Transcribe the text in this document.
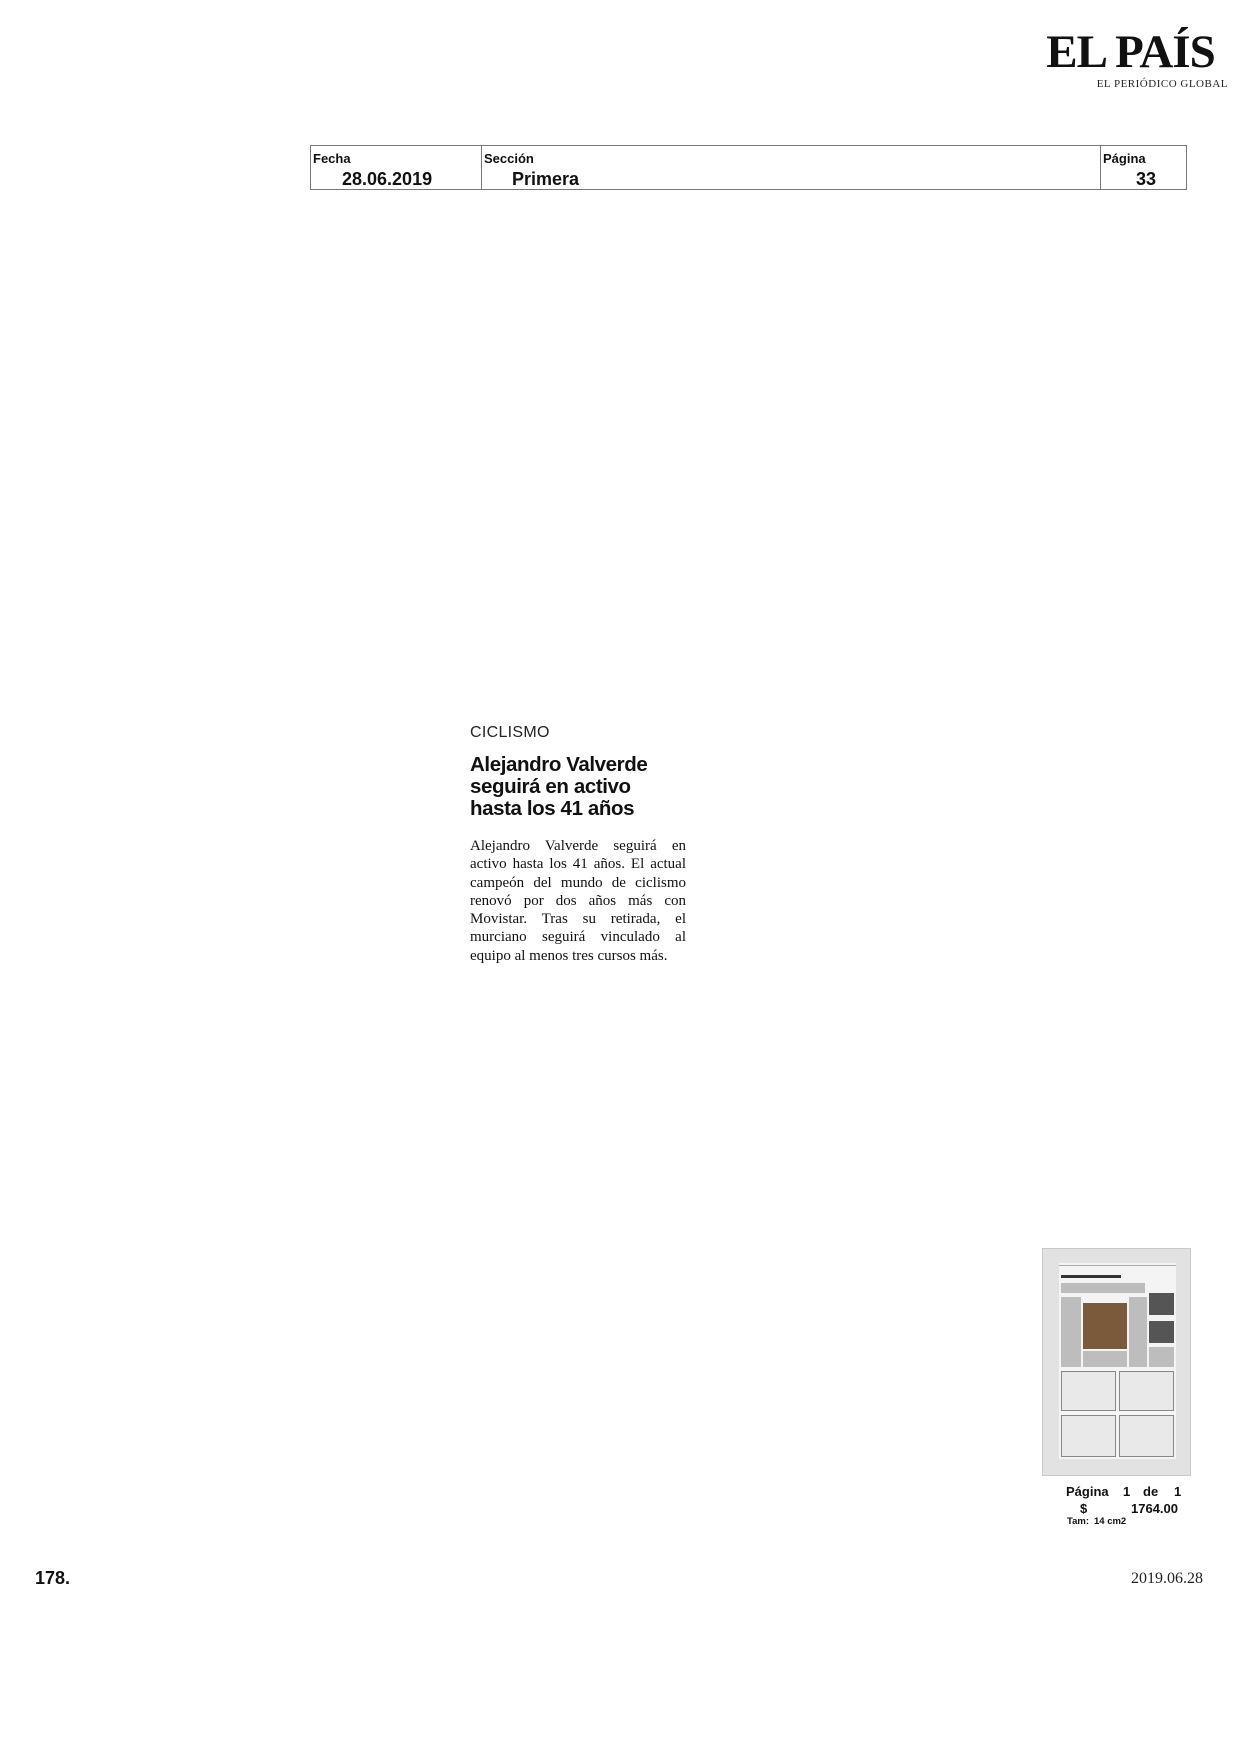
EL PAÍS
EL PERIÓDICO GLOBAL
Fecha
28.06.2019
Sección
Primera
Página
33
CICLISMO
Alejandro Valverde seguirá en activo hasta los 41 años
Alejandro Valverde seguirá en activo hasta los 41 años. El actual campeón del mundo de ciclismo renovó por dos años más con Movistar. Tras su retirada, el murciano seguirá vinculado al equipo al menos tres cursos más.
Página 1 de 1
$	1764.00
Tam: 14 cm2
178.	2019.06.28
